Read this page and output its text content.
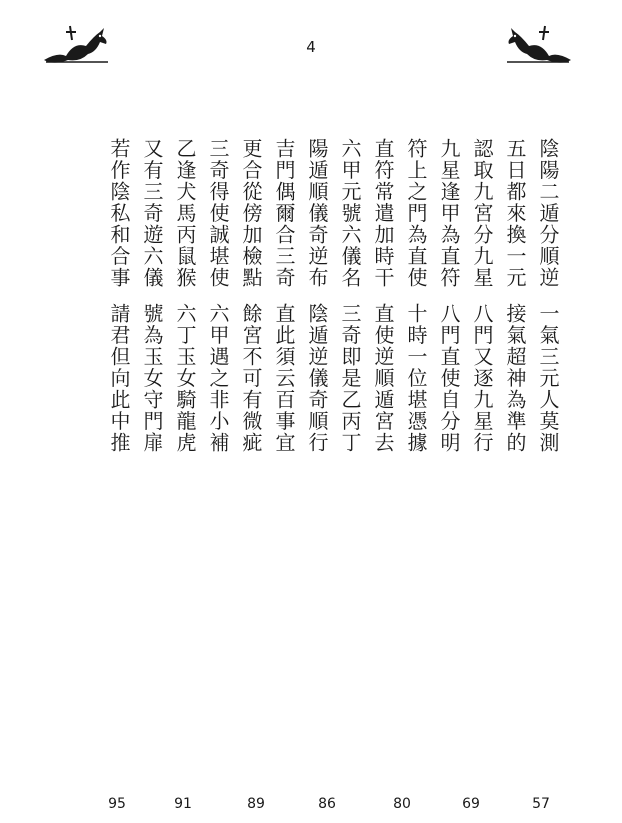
4
陰陽二遁分順逆
一氣三元人莫測
五日都來換一元
接氣超神為準的
認取九宮分九星
八門又逐九星行
九星逢甲為直符
八門直使自分明
符上之門為直使
十時一位堪憑據
直符常遣加時干
直使逆順遁宮去
六甲元號六儀名
三奇即是乙丙丁
陽遁順儀奇逆布
陰遁逆儀奇順行
吉門偶爾合三奇
直此須云百事宜
更合從傍加檢點
餘宮不可有微疵
三奇得使誠堪使
六甲遇之非小補
乙逢犬馬丙鼠猴
六丁玉女騎龍虎
又有三奇遊六儀
號為玉女守門扉
若作陰私和合事
請君但向此中推
57
69
80
86
89
91
95
